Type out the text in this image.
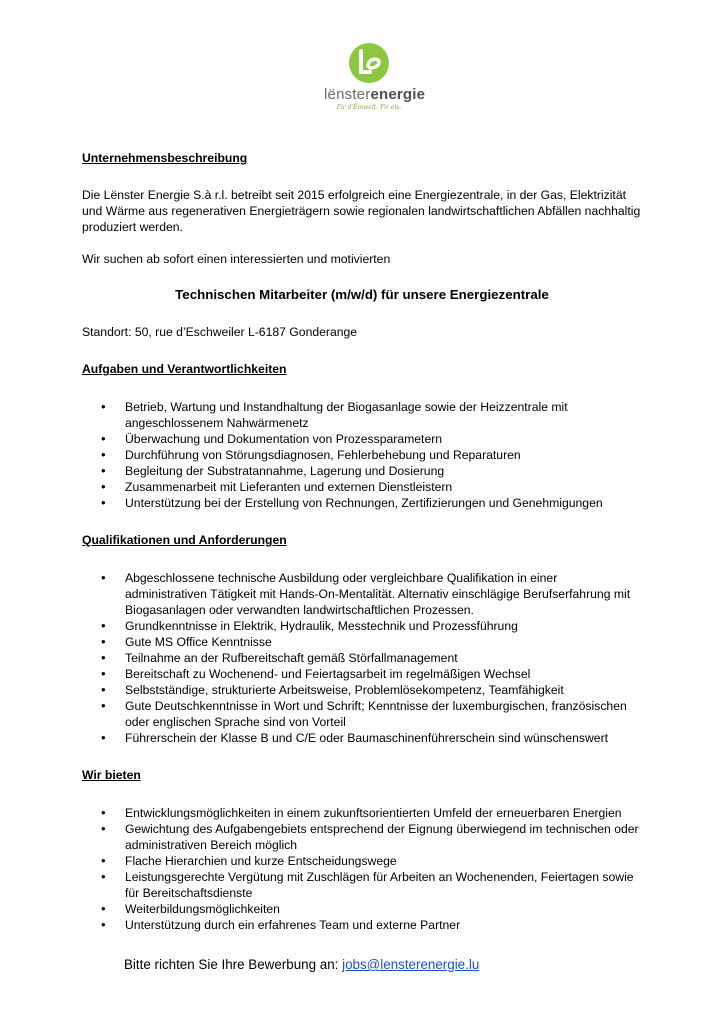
lënsterenergie
Fir d'Ëmwelt. Fir eis.

Unternehmensbeschreibung

Die Lënster Energie S.à r.l. betreibt seit 2015 erfolgreich eine Energiezentrale, in der Gas, Elektrizität und Wärme aus regenerativen Energieträgern sowie regionalen landwirtschaftlichen Abfällen nachhaltig produziert werden.

Wir suchen ab sofort einen interessierten und motivierten

Technischen Mitarbeiter (m/w/d) für unsere Energiezentrale

Standort: 50, rue d’Eschweiler L-6187 Gonderange

Aufgaben und Verantwortlichkeiten

• Betrieb, Wartung und Instandhaltung der Biogasanlage sowie der Heizzentrale mit angeschlossenem Nahwärmenetz
• Überwachung und Dokumentation von Prozessparametern
• Durchführung von Störungsdiagnosen, Fehlerbehebung und Reparaturen
• Begleitung der Substratannahme, Lagerung und Dosierung
• Zusammenarbeit mit Lieferanten und externen Dienstleistern
• Unterstützung bei der Erstellung von Rechnungen, Zertifizierungen und Genehmigungen

Qualifikationen und Anforderungen

• Abgeschlossene technische Ausbildung oder vergleichbare Qualifikation in einer administrativen Tätigkeit mit Hands-On-Mentalität. Alternativ einschlägige Berufserfahrung mit Biogasanlagen oder verwandten landwirtschaftlichen Prozessen.
• Grundkenntnisse in Elektrik, Hydraulik, Messtechnik und Prozessführung
• Gute MS Office Kenntnisse
• Teilnahme an der Rufbereitschaft gemäß Störfallmanagement
• Bereitschaft zu Wochenend- und Feiertagsarbeit im regelmäßigen Wechsel
• Selbstständige, strukturierte Arbeitsweise, Problemlösekompetenz, Teamfähigkeit
• Gute Deutschkenntnisse in Wort und Schrift; Kenntnisse der luxemburgischen, französischen oder englischen Sprache sind von Vorteil
• Führerschein der Klasse B und C/E oder Baumaschinenführerschein sind wünschenswert

Wir bieten

• Entwicklungsmöglichkeiten in einem zukunftsorientierten Umfeld der erneuerbaren Energien
• Gewichtung des Aufgabengebiets entsprechend der Eignung überwiegend im technischen oder administrativen Bereich möglich
• Flache Hierarchien und kurze Entscheidungswege
• Leistungsgerechte Vergütung mit Zuschlägen für Arbeiten an Wochenenden, Feiertagen sowie für Bereitschaftsdienste
• Weiterbildungsmöglichkeiten
• Unterstützung durch ein erfahrenes Team und externe Partner

Bitte richten Sie Ihre Bewerbung an: jobs@lensterenergie.lu
